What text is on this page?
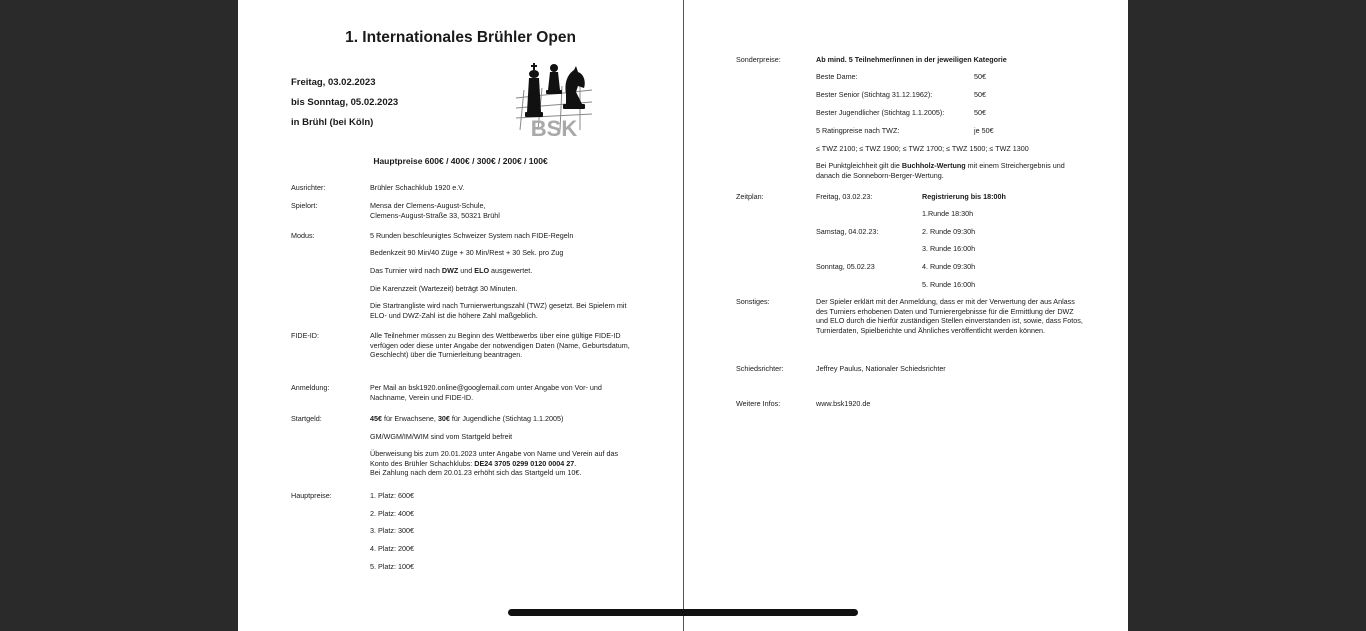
1. Internationales Brühler Open
Freitag, 03.02.2023
bis Sonntag, 05.02.2023
in Brühl (bei Köln)	BSK
Hauptpreise 600€ / 400€ / 300€ / 200€ / 100€
Ausrichter:	Brühler Schachklub 1920 e.V.
Spielort:	Mensa der Clemens-August-Schule,
Clemens-August-Straße 33, 50321 Brühl
Modus:	5 Runden beschleunigtes Schweizer System nach FIDE-Regeln
Bedenkzeit 90 Min/40 Züge + 30 Min/Rest + 30 Sek. pro Zug
Das Turnier wird nach DWZ und ELO ausgewertet.
Die Karenzzeit (Wartezeit) beträgt 30 Minuten.
Die Startrangliste wird nach Turnierwertungszahl (TWZ) gesetzt. Bei Spielern mit ELO- und DWZ-Zahl ist die höhere Zahl maßgeblich.
FIDE-ID:	Alle Teilnehmer müssen zu Beginn des Wettbewerbs über eine gültige FIDE-ID verfügen oder diese unter Angabe der notwendigen Daten (Name, Geburtsdatum, Geschlecht) über die Turnierleitung beantragen.
Anmeldung:	Per Mail an bsk1920.online@googlemail.com unter Angabe von Vor- und Nachname, Verein und FIDE-ID.
Startgeld:	45€ für Erwachsene, 30€ für Jugendliche (Stichtag 1.1.2005)
GM/WGM/IM/WIM sind vom Startgeld befreit
Überweisung bis zum 20.01.2023 unter Angabe von Name und Verein auf das Konto des Brühler Schachklubs: DE24 3705 0299 0120 0004 27.
Bei Zahlung nach dem 20.01.23 erhöht sich das Startgeld um 10€.
Hauptpreise:	1. Platz: 600€
2. Platz: 400€
3. Platz: 300€
4. Platz: 200€
5. Platz: 100€
Sonderpreise:	Ab mind. 5 Teilnehmer/innen in der jeweiligen Kategorie
Beste Dame:	50€
Bester Senior (Stichtag 31.12.1962):	50€
Bester Jugendlicher (Stichtag 1.1.2005):	50€
5 Ratingpreise nach TWZ:	je 50€
≤ TWZ 2100; ≤ TWZ 1900; ≤ TWZ 1700; ≤ TWZ 1500; ≤ TWZ 1300
Bei Punktgleichheit gilt die Buchholz-Wertung mit einem Streichergebnis und danach die Sonneborn-Berger-Wertung.
Zeitplan:	Freitag, 03.02.23:	Registrierung bis 18:00h
1.Runde 18:30h
Samstag, 04.02.23:	2. Runde 09:30h
3. Runde 16:00h
Sonntag, 05.02.23	4. Runde 09:30h
5. Runde 16:00h
Sonstiges:	Der Spieler erklärt mit der Anmeldung, dass er mit der Verwertung der aus Anlass des Turniers erhobenen Daten und Turnierergebnisse für die Ermittlung der DWZ und ELO durch die hierfür zuständigen Stellen einverstanden ist, sowie, dass Fotos, Turnierdaten, Spielberichte und Ähnliches veröffentlicht werden können.
Schiedsrichter:	Jeffrey Paulus, Nationaler Schiedsrichter
Weitere Infos:	www.bsk1920.de
